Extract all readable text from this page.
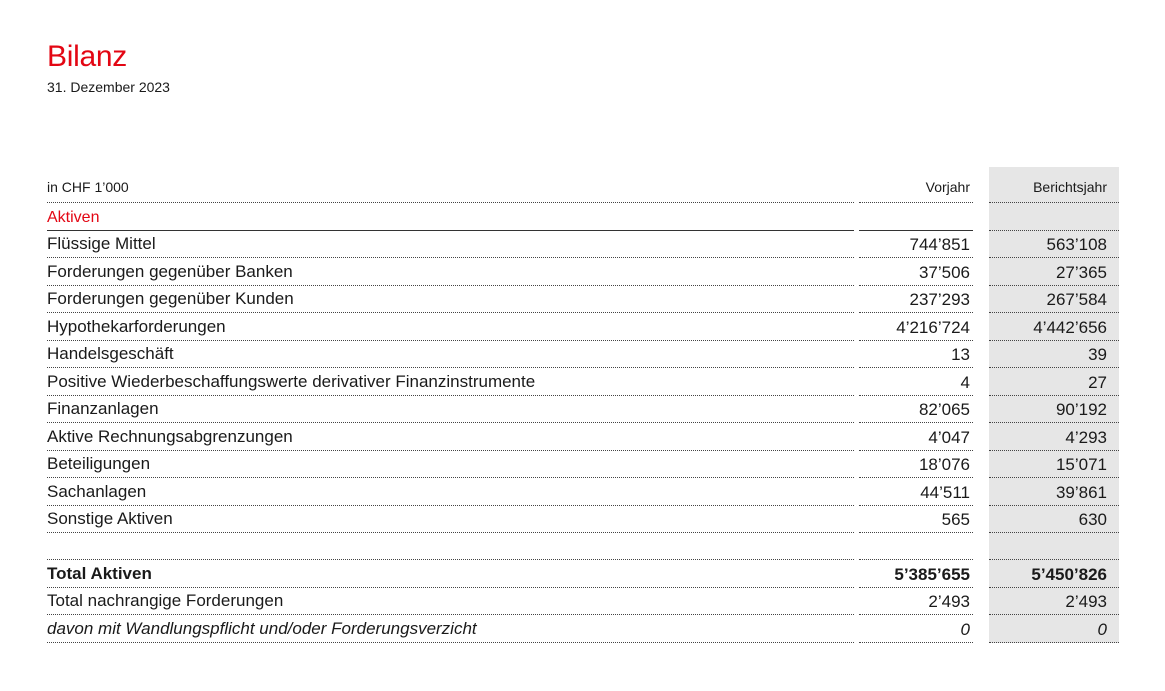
Bilanz
31. Dezember 2023
in CHF 1’000	Vorjahr	Berichtsjahr
Aktiven
Flüssige Mittel	744’851	563’108
Forderungen gegenüber Banken	37’506	27’365
Forderungen gegenüber Kunden	237’293	267’584
Hypothekarforderungen	4’216’724	4’442’656
Handelsgeschäft	13	39
Positive Wiederbeschaffungswerte derivativer Finanzinstrumente	4	27
Finanzanlagen	82’065	90’192
Aktive Rechnungsabgrenzungen	4’047	4’293
Beteiligungen	18’076	15’071
Sachanlagen	44’511	39’861
Sonstige Aktiven	565	630
Total Aktiven	5’385’655	5’450’826
Total nachrangige Forderungen	2’493	2’493
davon mit Wandlungspflicht und/oder Forderungsverzicht	0	0
